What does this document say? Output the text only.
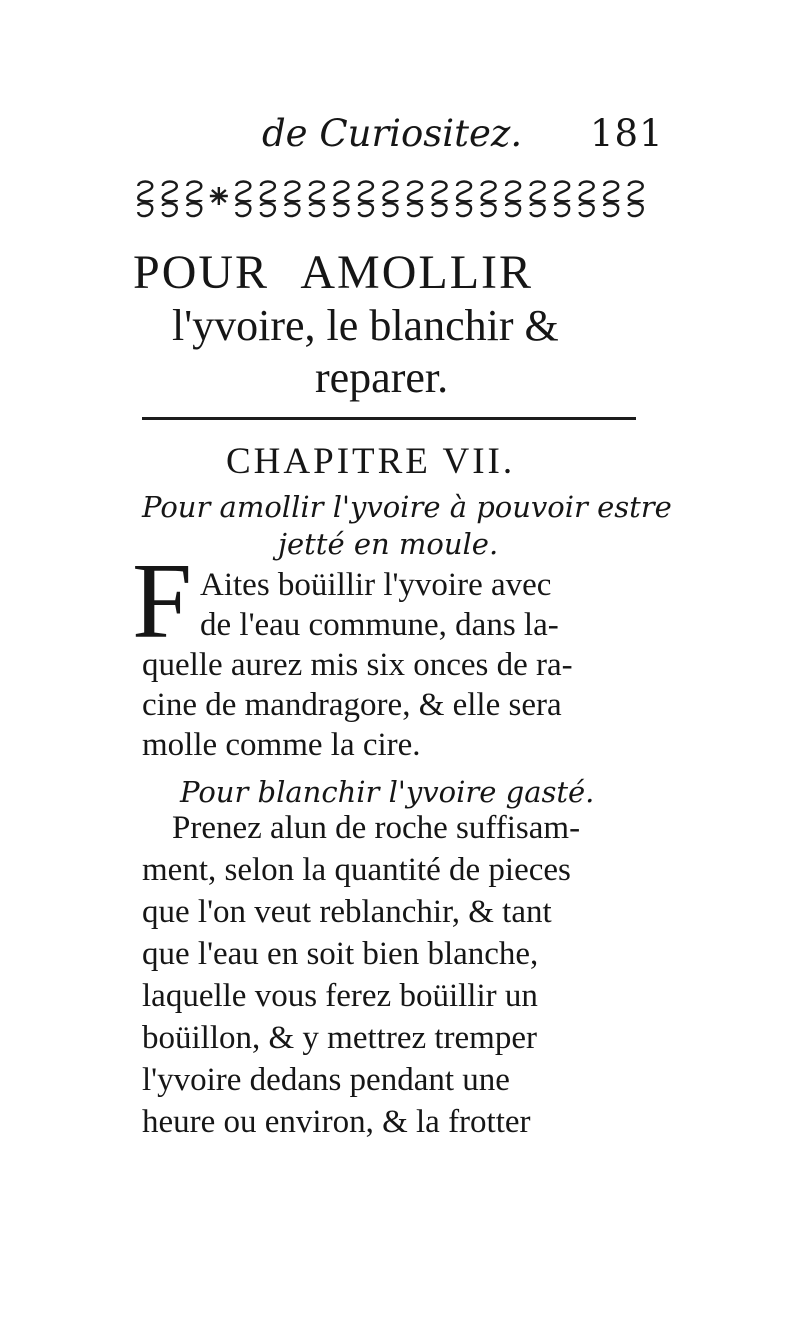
de Curiositez. 181
POUR AMOLLIR
l'yvoire, le blanchir &
reparer.
CHAPITRE VII.
Pour amollir l'yvoire à pouvoir estre
jetté en moule.
F Aites boüillir l'yvoire avec
de l'eau commune, dans la-
quelle aurez mis six onces de ra-
cine de mandragore, & elle sera
molle comme la cire.
Pour blanchir l'yvoire gasté.
Prenez alun de roche suffisam-
ment, selon la quantité de pieces
que l'on veut reblanchir, & tant
que l'eau en soit bien blanche,
laquelle vous ferez boüillir un
boüillon, & y mettrez tremper
l'yvoire dedans pendant une
heure ou environ, & la frotter
